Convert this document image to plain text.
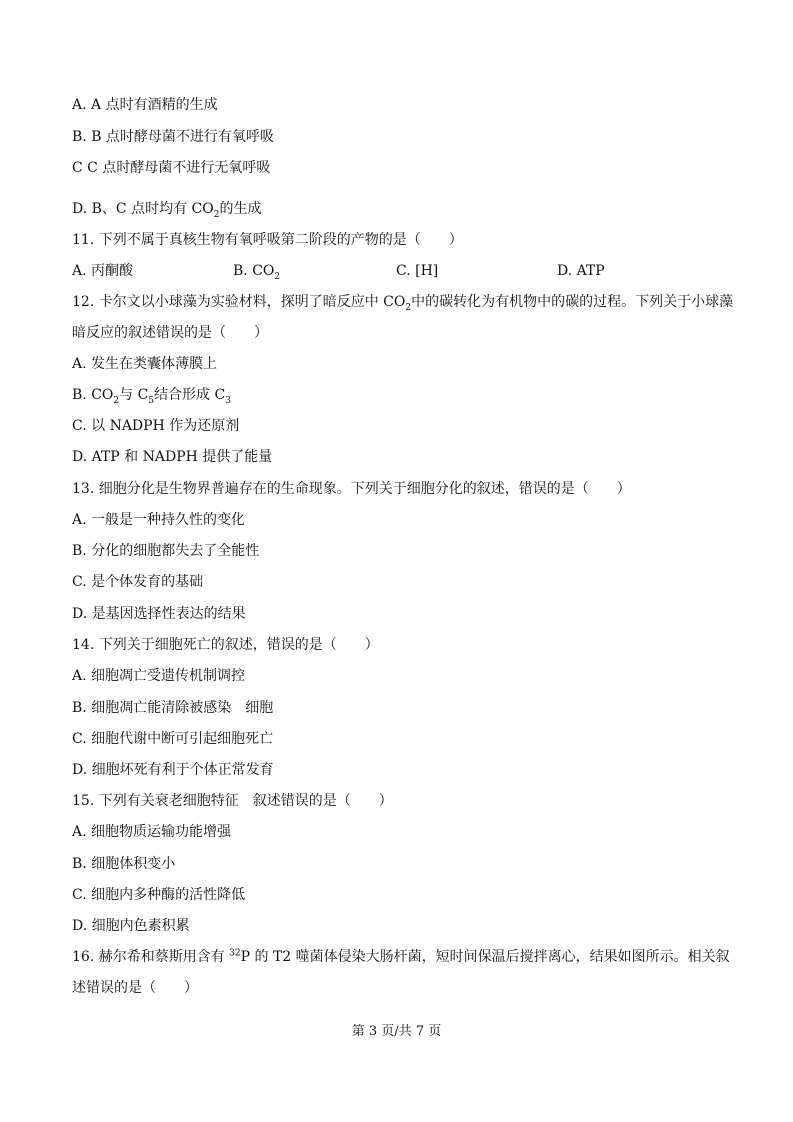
A. A 点时有酒精的生成
B. B 点时酵母菌不进行有氧呼吸
C C 点时酵母菌不进行无氧呼吸
D. B、C 点时均有 $CO_2$的生成
11. 下列不属于真核生物有氧呼吸第二阶段的产物的是（　　）
A. 丙酮酸	B. $CO_2$	C. [H]	D. ATP
12. 卡尔文以小球藻为实验材料，探明了暗反应中 $CO_2$中的碳转化为有机物中的碳的过程。下列关于小球藻
暗反应的叙述错误的是（　　）
A. 发生在类囊体薄膜上
B. $CO_2$与 $C_5$结合形成 $C_3$
C. 以 NADPH 作为还原剂
D. ATP 和 NADPH 提供了能量
13. 细胞分化是生物界普遍存在的生命现象。下列关于细胞分化的叙述，错误的是（　　）
A. 一般是一种持久性的变化
B. 分化的细胞都失去了全能性
C. 是个体发育的基础
D. 是基因选择性表达的结果
14. 下列关于细胞死亡的叙述，错误的是（　　）
A. 细胞凋亡受遗传机制调控
B. 细胞凋亡能清除被感染　细胞
C. 细胞代谢中断可引起细胞死亡
D. 细胞坏死有利于个体正常发育
15. 下列有关衰老细胞特征　叙述错误的是（　　）
A. 细胞物质运输功能增强
B. 细胞体积变小
C. 细胞内多种酶的活性降低
D. 细胞内色素积累
16. 赫尔希和蔡斯用含有 $^{32}$P 的 T2 噬菌体侵染大肠杆菌，短时间保温后搅拌离心，结果如图所示。相关叙
述错误的是（　　）
第 3 页/共 7 页
